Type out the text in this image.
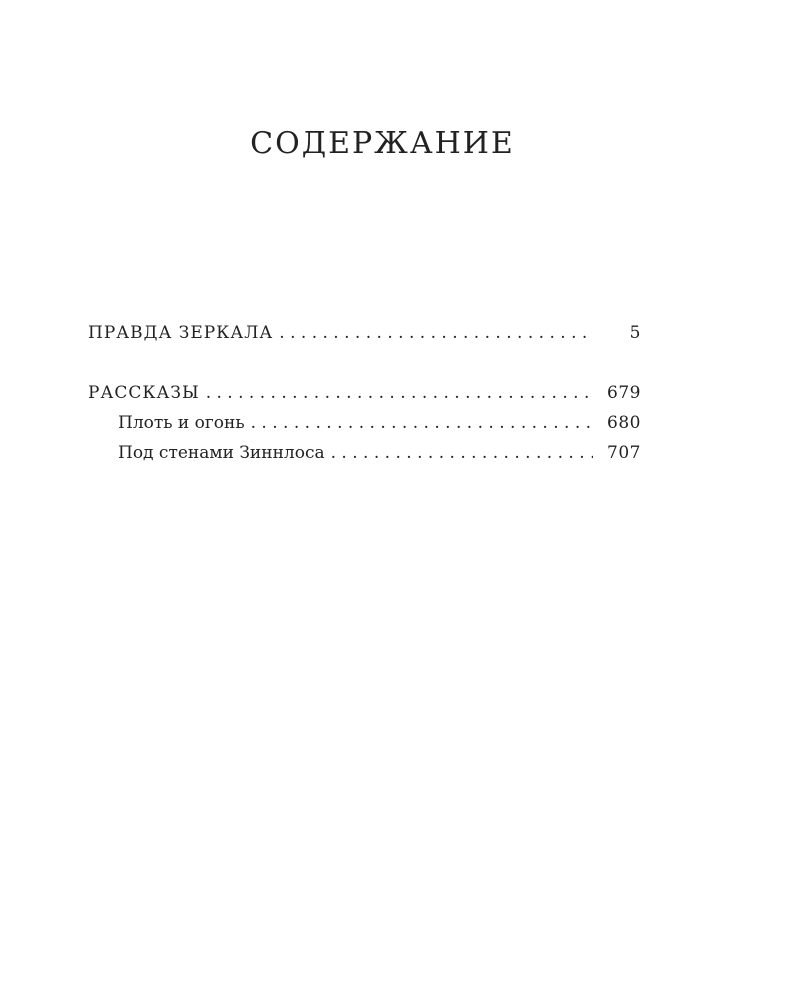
СОДЕРЖАНИЕ
ПРАВДА ЗЕРКАЛА . . .	5
РАССКАЗЫ . . .	679
Плоть и огонь . . .	680
Под стенами Зиннлоса . . .	707
